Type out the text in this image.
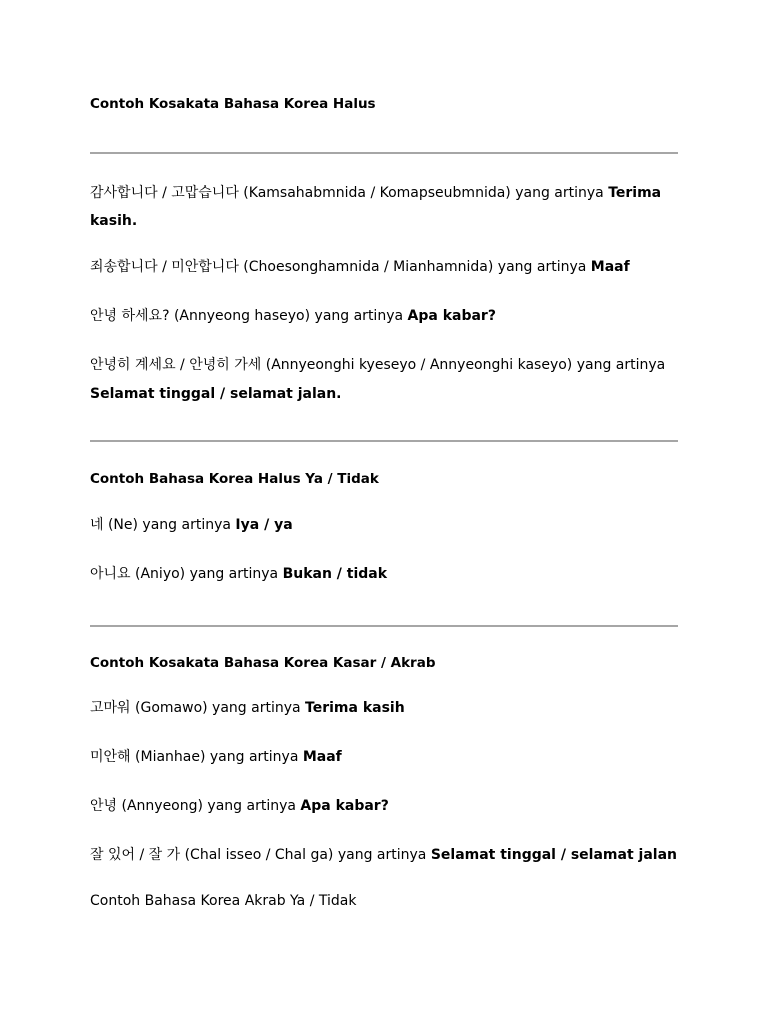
Contoh Kosakata Bahasa Korea Halus
감사합니다 / 고맙습니다 (Kamsahabmnida / Komapseubmnida) yang artinya Terima
kasih.
죄송합니다 / 미안합니다 (Choesonghamnida / Mianhamnida) yang artinya Maaf
안녕 하세요? (Annyeong haseyo) yang artinya Apa kabar?
안녕히 계세요 / 안녕히 가세 (Annyeonghi kyeseyo / Annyeonghi kaseyo) yang artinya
Selamat tinggal / selamat jalan.
Contoh Bahasa Korea Halus Ya / Tidak
네 (Ne) yang artinya Iya / ya
아니요 (Aniyo) yang artinya Bukan / tidak
Contoh Kosakata Bahasa Korea Kasar / Akrab
고마워 (Gomawo) yang artinya Terima kasih
미안해 (Mianhae) yang artinya Maaf
안녕 (Annyeong) yang artinya Apa kabar?
잘 있어 / 잘 가 (Chal isseo / Chal ga) yang artinya Selamat tinggal / selamat jalan
Contoh Bahasa Korea Akrab Ya / Tidak
